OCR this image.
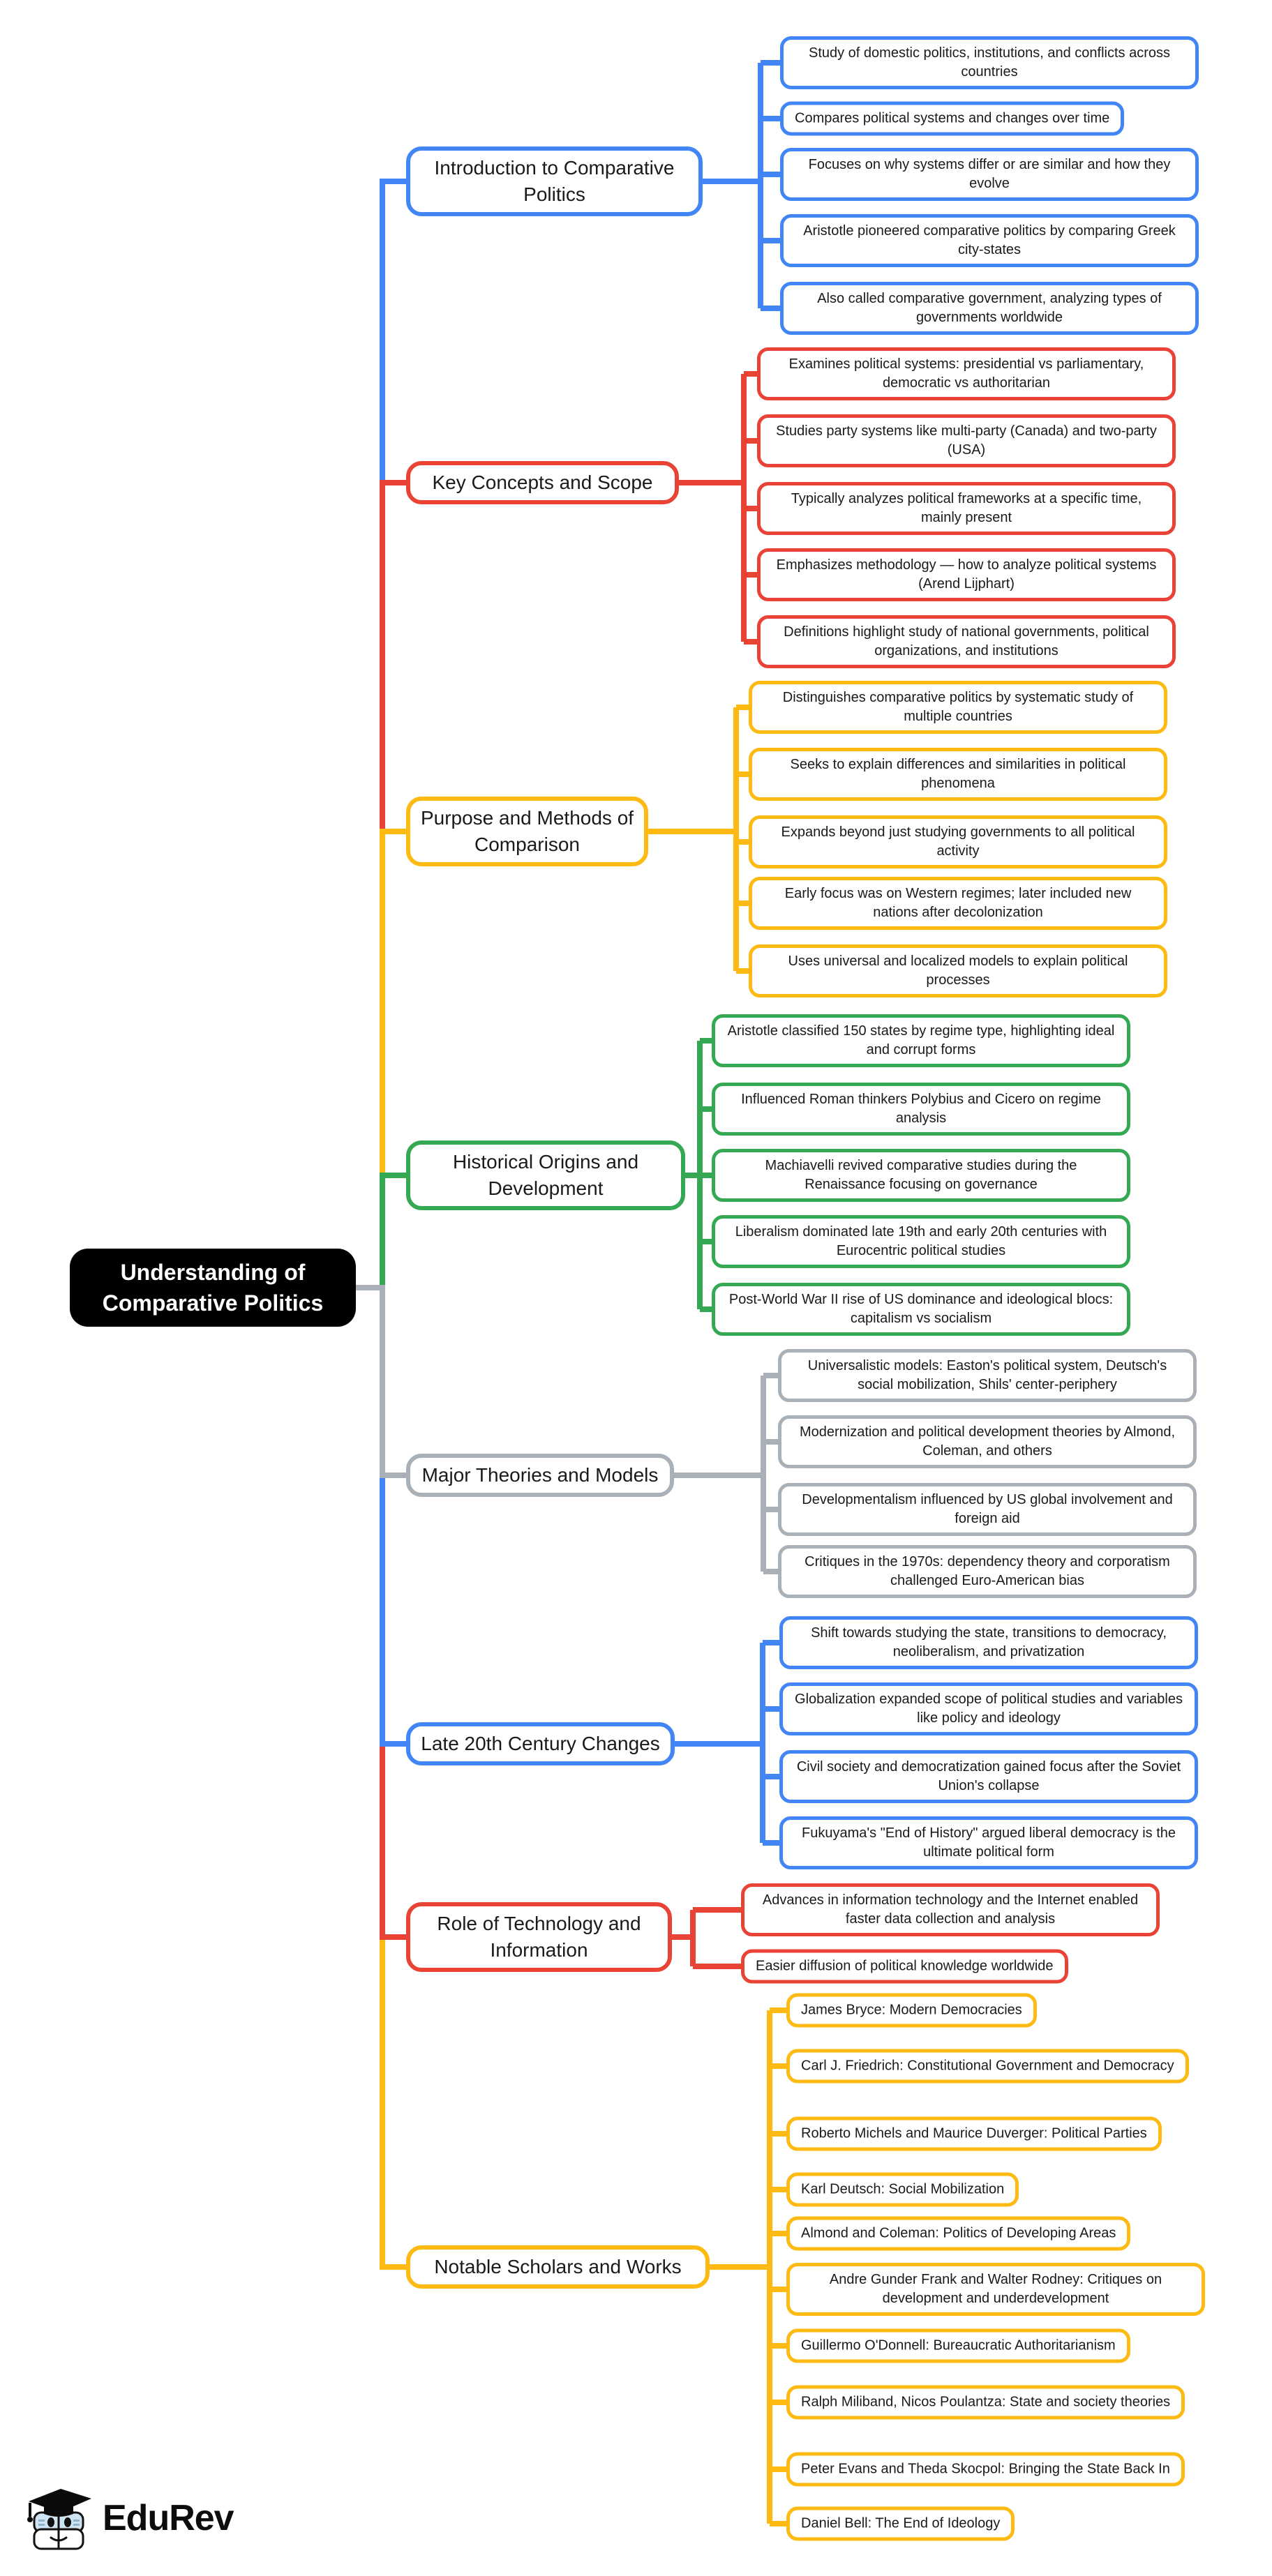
Understanding of Comparative Politics
EduRev
Introduction to Comparative Politics
Study of domestic politics, institutions, and conflicts across countries
Compares political systems and changes over time
Focuses on why systems differ or are similar and how they evolve
Aristotle pioneered comparative politics by comparing Greek city-states
Also called comparative government, analyzing types of governments worldwide
Key Concepts and Scope
Examines political systems: presidential vs parliamentary, democratic vs authoritarian
Studies party systems like multi-party (Canada) and two-party (USA)
Typically analyzes political frameworks at a specific time, mainly present
Emphasizes methodology — how to analyze political systems (Arend Lijphart)
Definitions highlight study of national governments, political organizations, and institutions
Purpose and Methods of Comparison
Distinguishes comparative politics by systematic study of multiple countries
Seeks to explain differences and similarities in political phenomena
Expands beyond just studying governments to all political activity
Early focus was on Western regimes; later included new nations after decolonization
Uses universal and localized models to explain political processes
Historical Origins and Development
Aristotle classified 150 states by regime type, highlighting ideal and corrupt forms
Influenced Roman thinkers Polybius and Cicero on regime analysis
Machiavelli revived comparative studies during the Renaissance focusing on governance
Liberalism dominated late 19th and early 20th centuries with Eurocentric political studies
Post-World War II rise of US dominance and ideological blocs: capitalism vs socialism
Major Theories and Models
Universalistic models: Easton's political system, Deutsch's social mobilization, Shils' center-periphery
Modernization and political development theories by Almond, Coleman, and others
Developmentalism influenced by US global involvement and foreign aid
Critiques in the 1970s: dependency theory and corporatism challenged Euro-American bias
Late 20th Century Changes
Shift towards studying the state, transitions to democracy, neoliberalism, and privatization
Globalization expanded scope of political studies and variables like policy and ideology
Civil society and democratization gained focus after the Soviet Union's collapse
Fukuyama's "End of History" argued liberal democracy is the ultimate political form
Role of Technology and Information
Advances in information technology and the Internet enabled faster data collection and analysis
Easier diffusion of political knowledge worldwide
Notable Scholars and Works
James Bryce: Modern Democracies
Carl J. Friedrich: Constitutional Government and Democracy
Roberto Michels and Maurice Duverger: Political Parties
Karl Deutsch: Social Mobilization
Almond and Coleman: Politics of Developing Areas
Andre Gunder Frank and Walter Rodney: Critiques on development and underdevelopment
Guillermo O'Donnell: Bureaucratic Authoritarianism
Ralph Miliband, Nicos Poulantza: State and society theories
Peter Evans and Theda Skocpol: Bringing the State Back In
Daniel Bell: The End of Ideology
